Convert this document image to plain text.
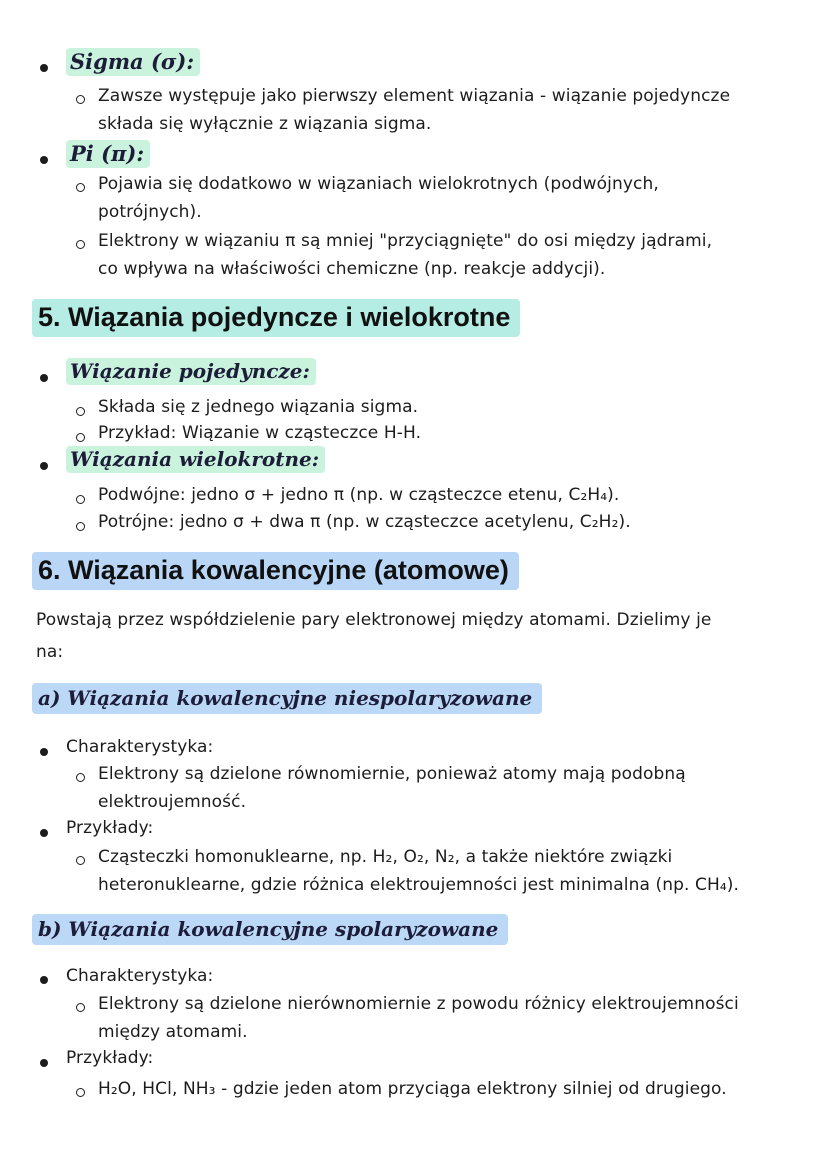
Sigma (σ):
Zawsze występuje jako pierwszy element wiązania - wiązanie pojedyncze
składa się wyłącznie z wiązania sigma.
Pi (π):
Pojawia się dodatkowo w wiązaniach wielokrotnych (podwójnych,
potrójnych).
Elektrony w wiązaniu π są mniej "przyciągnięte" do osi między jądrami,
co wpływa na właściwości chemiczne (np. reakcje addycji).
5. Wiązania pojedyncze i wielokrotne
Wiązanie pojedyncze:
Składa się z jednego wiązania sigma.
Przykład: Wiązanie w cząsteczce H-H.
Wiązania wielokrotne:
Podwójne: jedno σ + jedno π (np. w cząsteczce etenu, C₂H₄).
Potrójne: jedno σ + dwa π (np. w cząsteczce acetylenu, C₂H₂).
6. Wiązania kowalencyjne (atomowe)
Powstają przez współdzielenie pary elektronowej między atomami. Dzielimy je
na:
a) Wiązania kowalencyjne niespolaryzowane
Charakterystyka:
Elektrony są dzielone równomiernie, ponieważ atomy mają podobną
elektroujemność.
Przykłady:
Cząsteczki homonuklearne, np. H₂, O₂, N₂, a także niektóre związki
heteronuklearne, gdzie różnica elektroujemności jest minimalna (np. CH₄).
b) Wiązania kowalencyjne spolaryzowane
Charakterystyka:
Elektrony są dzielone nierównomiernie z powodu różnicy elektroujemności
między atomami.
Przykłady:
H₂O, HCl, NH₃ - gdzie jeden atom przyciąga elektrony silniej od drugiego.
